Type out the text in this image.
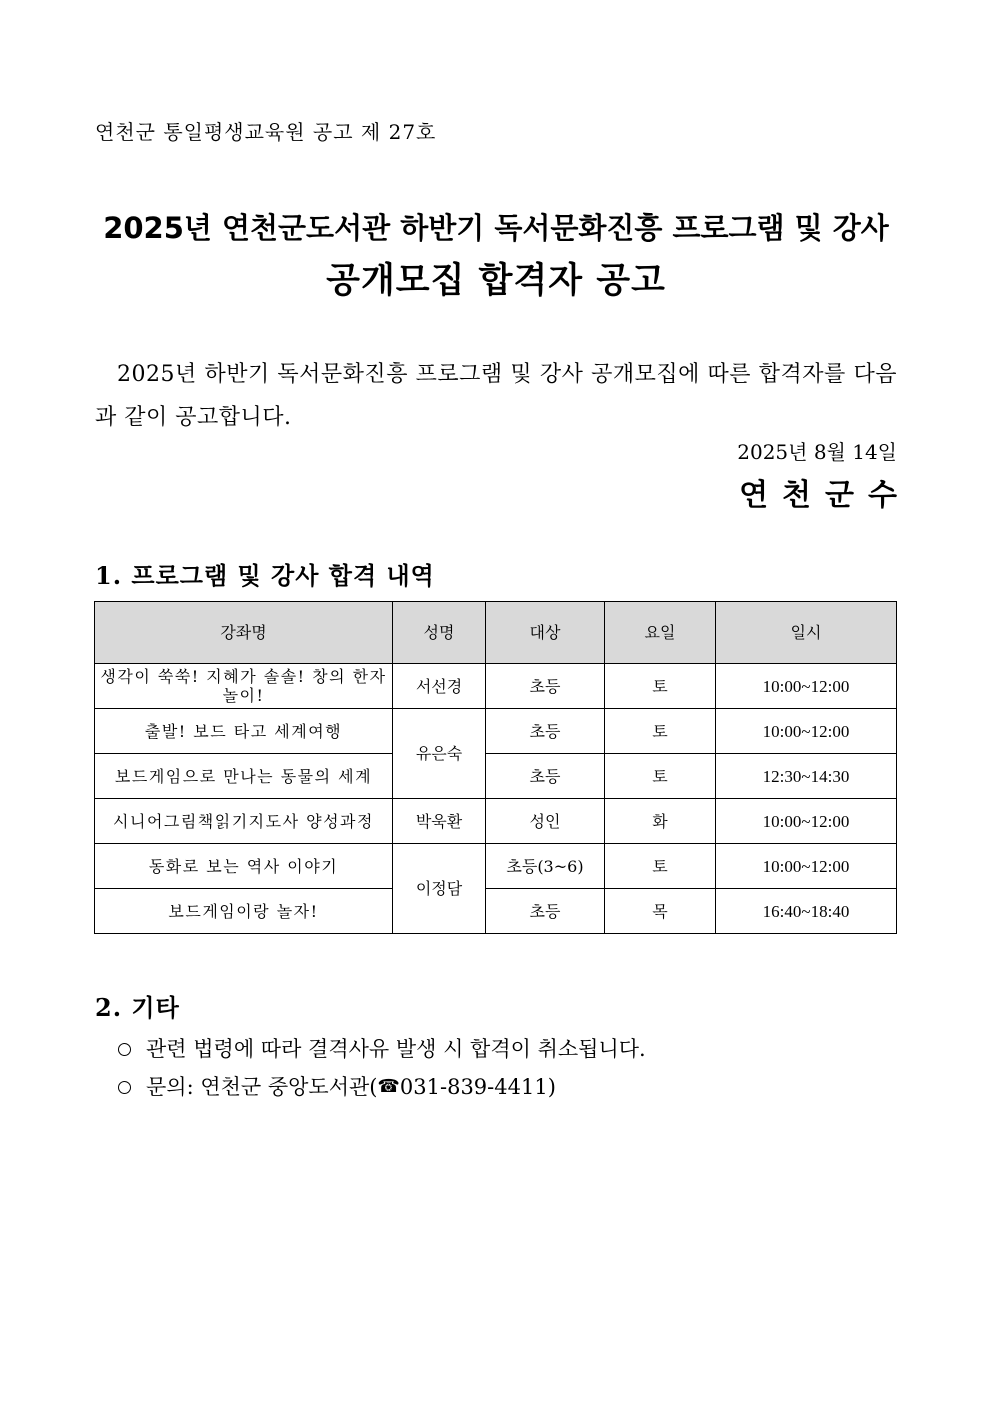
연천군 통일평생교육원 공고 제 27호
2025년 연천군도서관 하반기 독서문화진흥 프로그램 및 강사
공개모집 합격자 공고
2025년 하반기 독서문화진흥 프로그램 및 강사 공개모집에 따른 합격자를 다음과 같이 공고합니다.
2025년 8월 14일
연천군수
1. 프로그램 및 강사 합격 내역
강좌명	성명	대상	요일	일시
생각이 쑥쑥! 지혜가 솔솔! 창의 한자 놀이!	서선경	초등	토	10:00~12:00
출발! 보드 타고 세계여행	유은숙	초등	토	10:00~12:00
보드게임으로 만나는 동물의 세계		초등	토	12:30~14:30
시니어그림책읽기지도사 양성과정	박욱환	성인	화	10:00~12:00
동화로 보는 역사 이야기	이정담	초등(3~6)	토	10:00~12:00
보드게임이랑 놀자!		초등	목	16:40~18:40
2. 기타
관련 법령에 따라 결격사유 발생 시 합격이 취소됩니다.
문의: 연천군 중앙도서관( ☎ 031-839-4411)
